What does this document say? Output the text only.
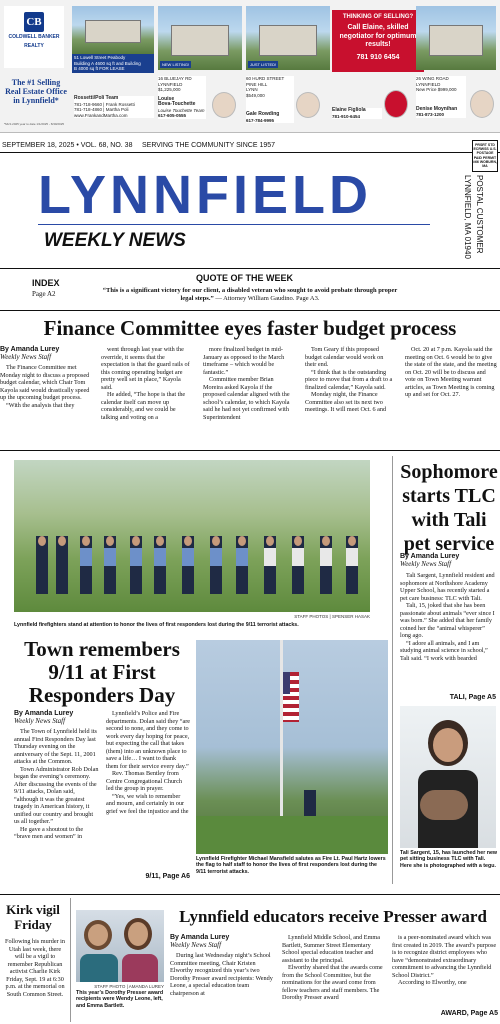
CB
COLDWELL BANKER
REALTY
The #1 Selling Real Estate Office in Lynnfield*
*MLS 2025 year to date 1/1/2025 - 6/30/2025
51 Lowell Street Peabody
Building A 4600 sq ft and Building
B 4000 sq ft FOR LEASE
Rossetti/Poli Team
781-718-9660 | Frank Rossetti
781-718-4860 | Martha Poli
www.FrankandMartha.com
NEW LISTING!
16 BLUEJAY RD
LYNNFIELD
$1,225,000
Louise
Bova-Touchette
Louise Touchette Team
617-605-0555
JUST LISTED!
60 HURD STREET
PINE HILL
LYNN
$549,000
Gale Rowding
617-784-9995
THINKING OF SELLING?
Call Elaine, skilled negotiator for optimum results!
781 910 6454
Elaine Figliola
781-910-6454
26 WING ROAD
LYNNFIELD
New Price $999,000
Denise Moynihan
781-873-1200
SEPTEMBER 18, 2025 • VOL. 68, NO. 38 SERVING THE COMMUNITY SINCE 1957	PRSRT STD ECRWSS U.S. POSTAGE PAID PERMIT #66 WOBURN, MA
LYNNFIELD
WEEKLY NEWS	POSTAL CUSTOMER
LYNNFIELD, MA 01940
INDEX
Page A2
QUOTE OF THE WEEK
“This is a significant victory for our client, a disabled veteran who sought to avoid probate through proper legal steps.” — Attorney William Gaudino. Page A3.
Finance Committee eyes faster budget process
By Amanda Lurey
Weekly News Staff

The Finance Committee met Monday night to discuss a proposed budget calendar, which Chair Tom Kayola said would drastically speed up the upcoming budget process.

“With the analysis that they

went through last year with the override, it seems that the expectation is that the guard rails of this coming operating budget are pretty well set in place,” Kayola said.

He added, “The hope is that the calendar itself can move up considerably, and we could be talking and voting on a

more finalized budget in mid-January as opposed to the March timeframe – which would be fantastic.”

Committee member Brian Moreira asked Kayola if the proposed calendar aligned with the school’s calendar, to which Kayola said he had not yet confirmed with Superintendent

Tom Geary if this proposed budget calendar would work on their end.

“I think that is the outstanding piece to move that from a draft to a finalized calendar,” Kayola said.

Monday night, the Finance Committee also set its next two meetings. It will meet Oct. 6 and

Oct. 20 at 7 p.m. Kayola said the meeting on Oct. 6 would be to give the state of the state, and the meeting on Oct. 20 will be to discuss and vote on Town Meeting warrant articles, as Town Meeting is coming up and set for Oct. 27.

STAFF PHOTOS | SPENSER HASAK
Lynnfield firefighters stand at attention to honor the lives of first responders lost during the 9/11 terrorist attacks.
Sophomore starts TLC with Tali pet service
By Amanda Lurey
Weekly News Staff

Tali Sargent, Lynnfield resident and sophomore at Northshore Academy Upper School, has recently started a pet care business: TLC with Tali.

Tali, 15, joked that she has been passionate about animals “ever since I was born.” She added that her family coined her the “animal whisperer” long ago.

“I adore all animals, and I am studying animal science in school,” Tali said. “I work with bearded

TALI, Page A5
Tali Sargent, 15, has launched her new pet sitting business TLC with Tali. Here she is photographed with a tegu.
Town remembers 9/11 at First Responders Day
By Amanda Lurey
Weekly News Staff

The Town of Lynnfield held its annual First Responders Day last Thursday evening on the anniversary of the Sept. 11, 2001 attacks at the Common.

Town Administrator Rob Dolan began the evening’s ceremony. After discussing the events of the 9/11 attacks, Dolan said, “although it was the greatest tragedy in American history, it unified our country and brought us all together.”

He gave a shoutout to the “brave men and women” in

Lynnfield’s Police and Fire departments. Dolan said they “are second to none, and they come to work every day hoping for peace, but expecting the call that takes (them) into an unknown place to save a life… I want to thank them for their service every day.”

Rev. Thomas Bentley from Centre Congregational Church led the group in prayer.

“Yes, we wish to remember and mourn, and certainly in our grief we feel the injustice and the

9/11, Page A6
Lynnfield Firefighter Michael Mansfield salutes as Fire Lt. Paul Hartz lowers the flag to half staff to honor the lives of first responders lost during the 9/11 terrorist attacks.
Kirk vigil Friday

Following his murder in Utah last week, there will be a vigil to remember Republican activist Charlie Kirk Friday, Sept. 19 at 6:30 p.m. at the memorial on South Common Street.

STAFF PHOTO | AMANDA LUREY
This year’s Dorothy Presser award recipients were Wendy Leone, left, and Emma Bartlett.
Lynnfield educators receive Presser award
By Amanda Lurey
Weekly News Staff

During last Wednesday night’s School Committee meeting, Chair Kristen Elworthy recognized this year’s two Dorothy Presser award recipients: Wendy Leone, a special education team chairperson at

Lynnfield Middle School, and Emma Bartlett, Summer Street Elementary School special education teacher and assistant to the principal.

Elworthy shared that the awards come from the School Committee, but the nominations for the award come from fellow teachers and staff members. The Dorothy Presser award

is a peer-nominated award which was first created in 2019. The award’s purpose is to recognize district employees who have “demonstrated extraordinary commitment to advancing the Lynnfield School District.”

According to Elworthy, one

AWARD, Page A5
